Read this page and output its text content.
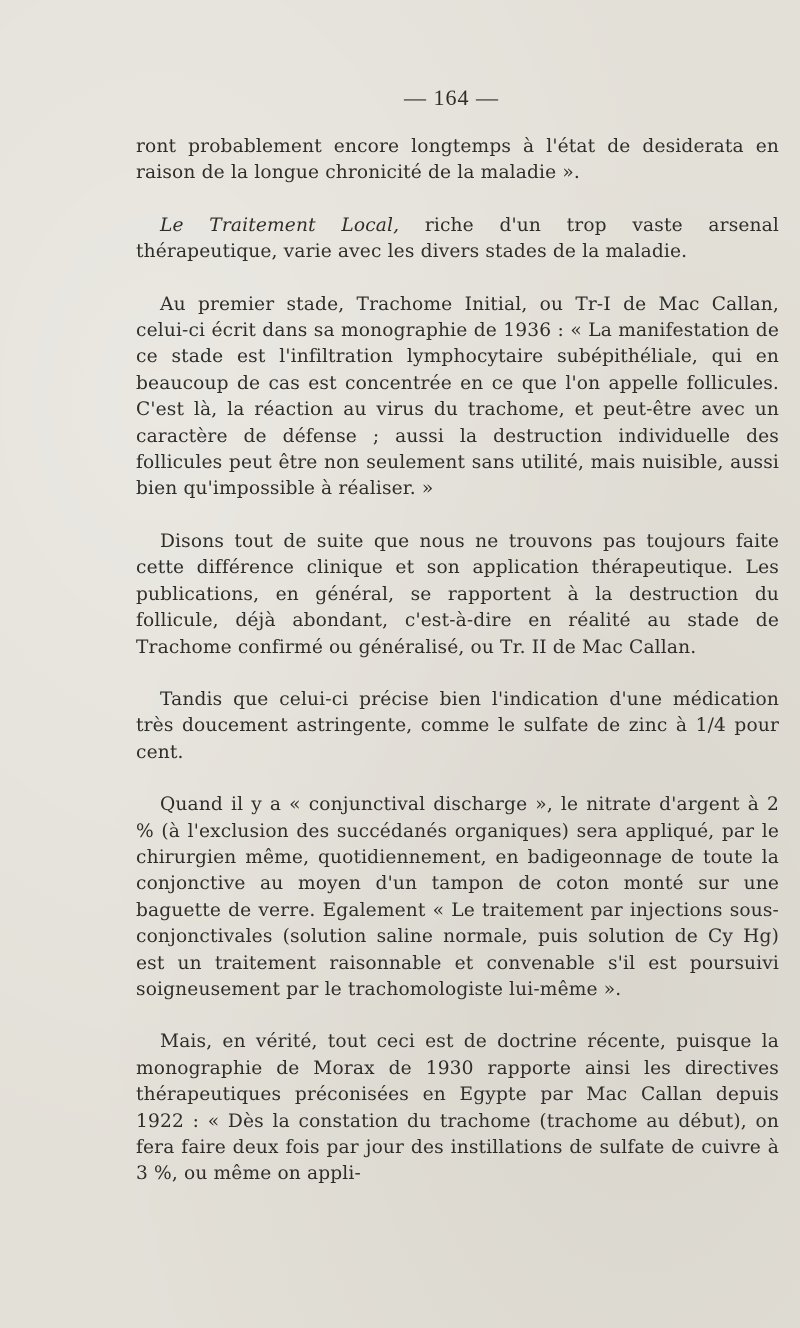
— 164 —

ront probablement encore longtemps à l'état de desiderata en raison de la longue chronicité de la maladie ».

Le Traitement Local, riche d'un trop vaste arsenal thérapeutique, varie avec les divers stades de la maladie.

Au premier stade, Trachome Initial, ou Tr-I de Mac Callan, celui-ci écrit dans sa monographie de 1936 : « La manifestation de ce stade est l'infiltration lymphocytaire subépithéliale, qui en beaucoup de cas est concentrée en ce que l'on appelle follicules. C'est là, la réaction au virus du trachome, et peut-être avec un caractère de défense ; aussi la destruction individuelle des follicules peut être non seulement sans utilité, mais nuisible, aussi bien qu'impossible à réaliser. »

Disons tout de suite que nous ne trouvons pas toujours faite cette différence clinique et son application thérapeutique. Les publications, en général, se rapportent à la destruction du follicule, déjà abondant, c'est-à-dire en réalité au stade de Trachome confirmé ou généralisé, ou Tr. II de Mac Callan.

Tandis que celui-ci précise bien l'indication d'une médication très doucement astringente, comme le sulfate de zinc à 1/4 pour cent.

Quand il y a « conjunctival discharge », le nitrate d'argent à 2 % (à l'exclusion des succédanés organiques) sera appliqué, par le chirurgien même, quotidiennement, en badigeonnage de toute la conjonctive au moyen d'un tampon de coton monté sur une baguette de verre. Egalement « Le traitement par injections sous-conjonctivales (solution saline normale, puis solution de Cy Hg) est un traitement raisonnable et convenable s'il est poursuivi soigneusement par le trachomologiste lui-même ».

Mais, en vérité, tout ceci est de doctrine récente, puisque la monographie de Morax de 1930 rapporte ainsi les directives thérapeutiques préconisées en Egypte par Mac Callan depuis 1922 : « Dès la constation du trachome (trachome au début), on fera faire deux fois par jour des instillations de sulfate de cuivre à 3 %, ou même on appli-
